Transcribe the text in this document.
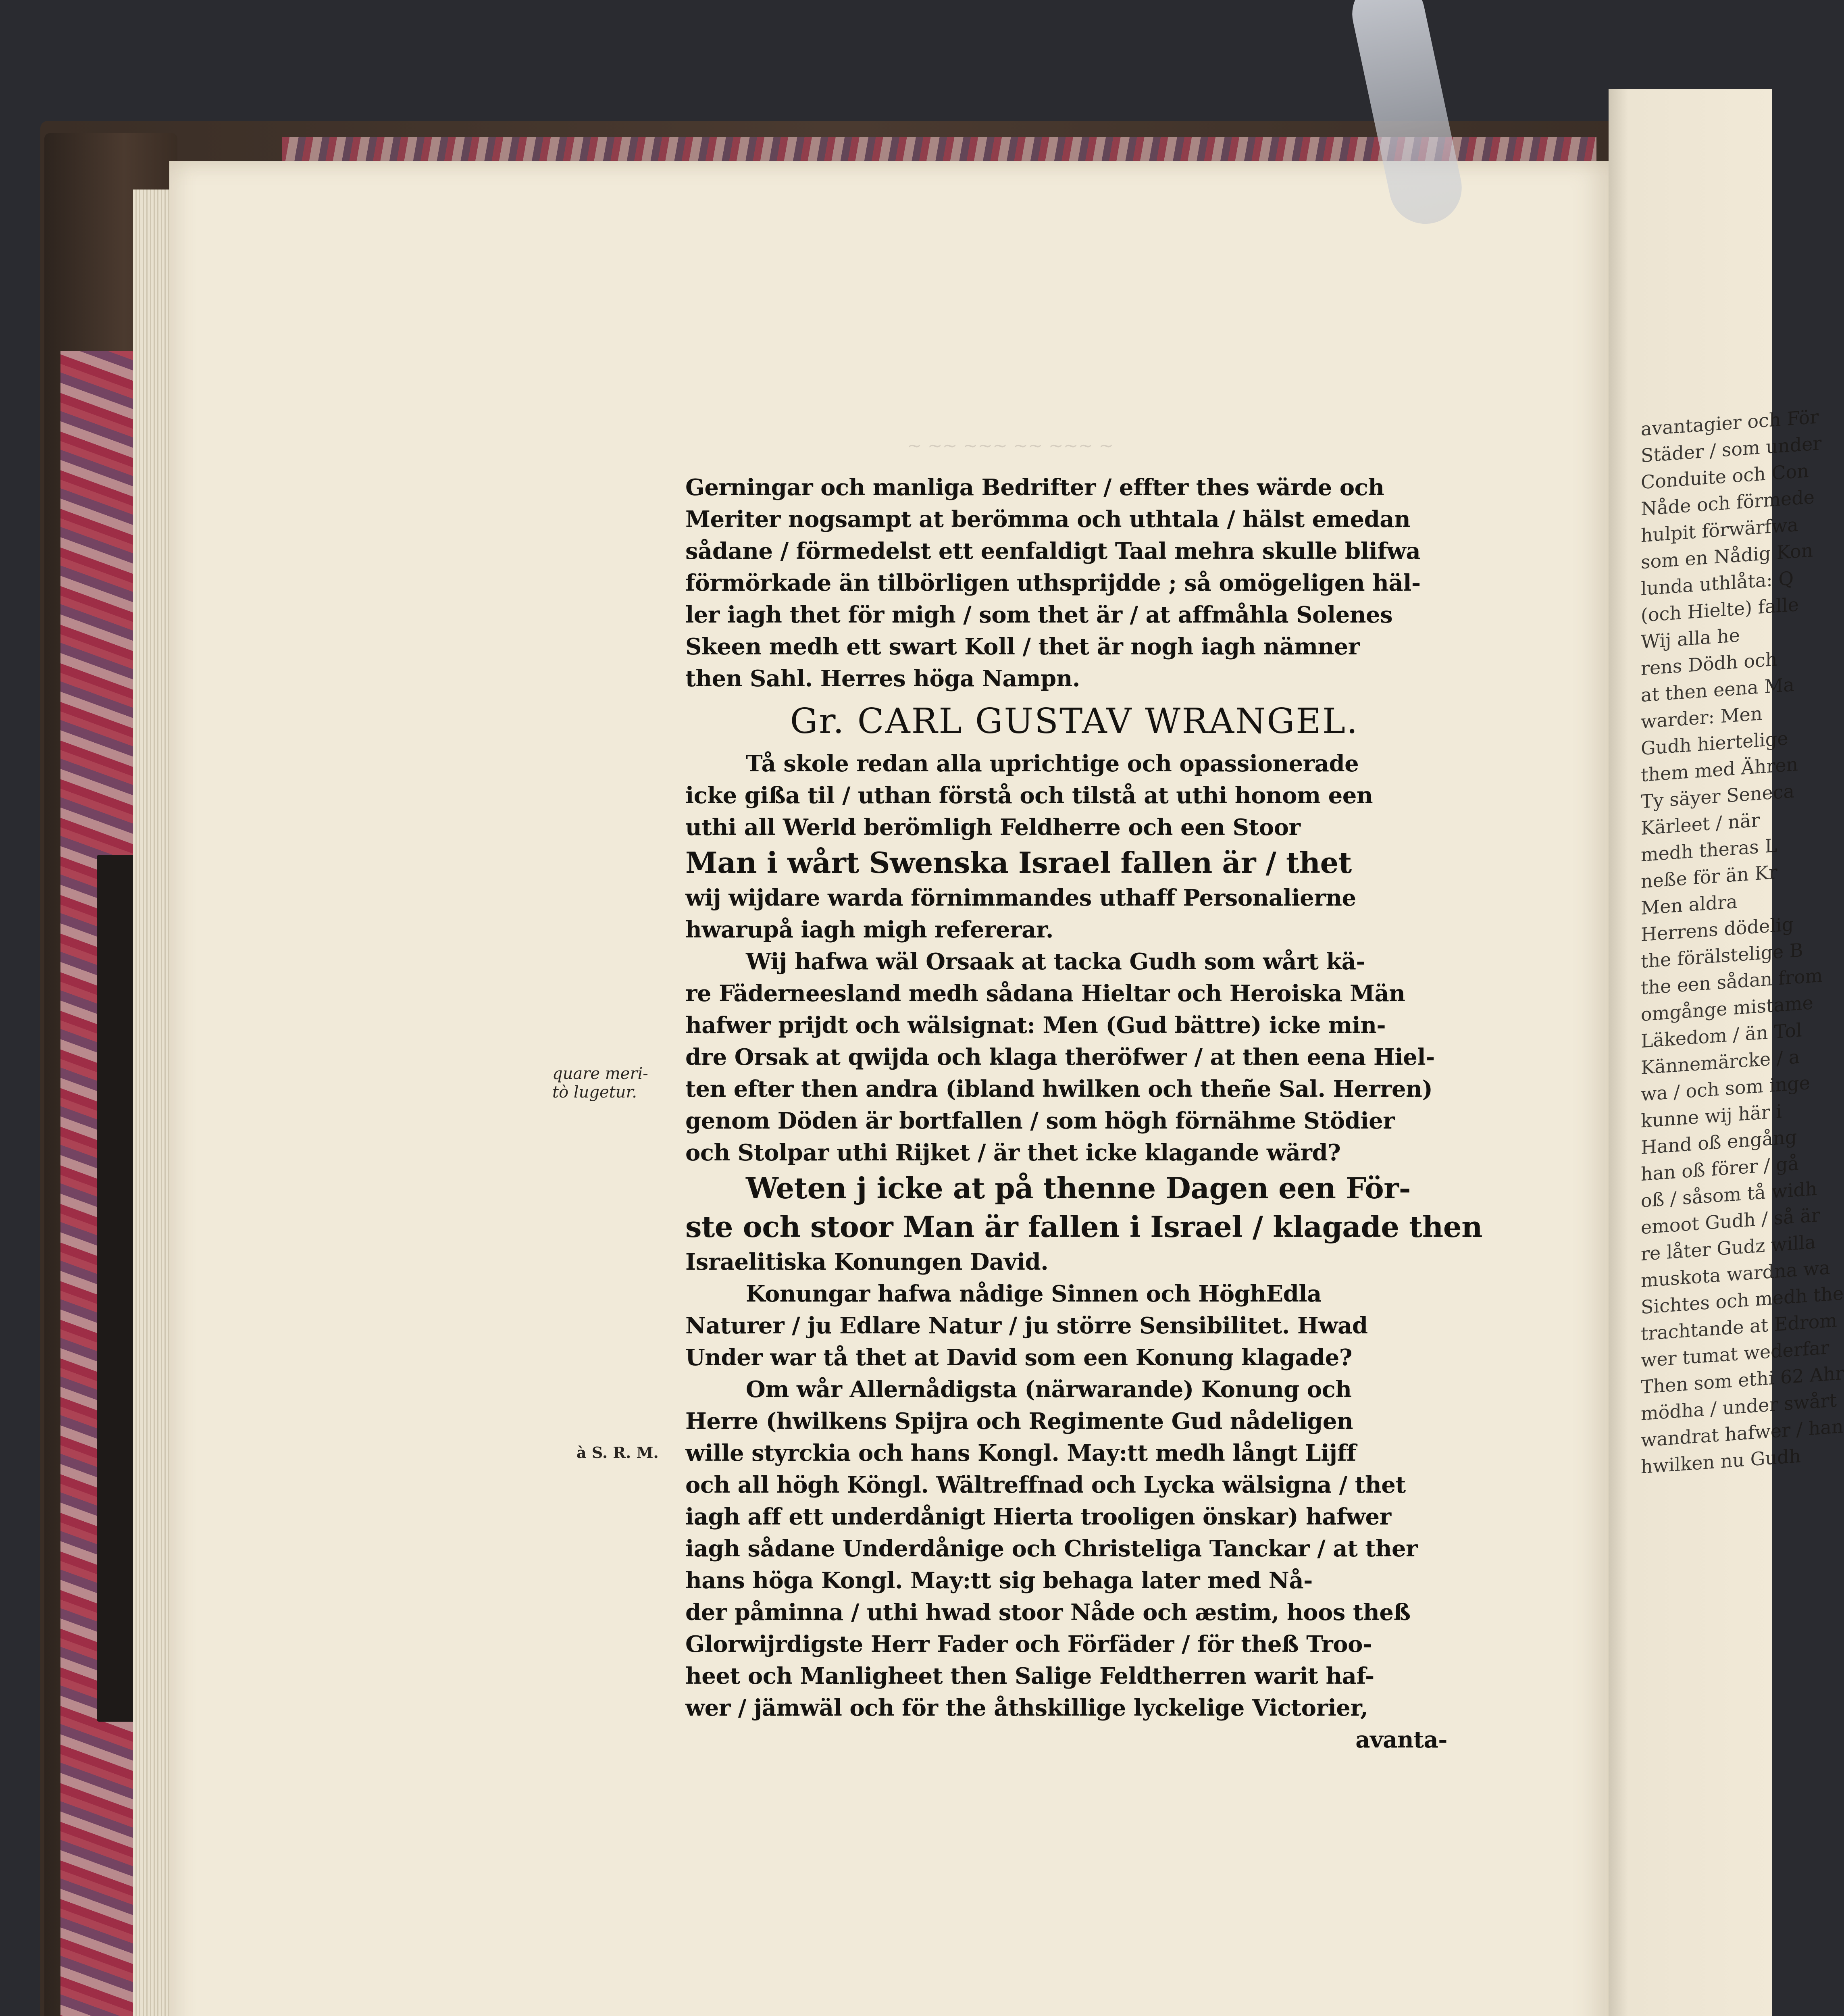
~ ~~ ~~~ ~~ ~~~ ~
quare meri-
tò lugetur.
à S. R. M.
Gerningar och manliga Bedrifter / effter thes wärde och
Meriter nogsampt at berömma och uthtala / hälst emedan
sådane / förmedelst ett eenfaldigt Taal mehra skulle blifwa
förmörkade än tilbörligen uthsprijdde ; så omögeligen häl-
ler iagh thet för migh / som thet är / at affmåhla Solenes
Skeen medh ett swart Koll / thet är nogh iagh nämner
then Sahl. Herres höga Nampn.
Gr. CARL GUSTAV WRANGEL.
Tå skole redan alla uprichtige och opassionerade
icke gißa til / uthan förstå och tilstå at uthi honom een
uthi all Werld berömligh Feldherre och een Stoor
Man i wårt Swenska Israel fallen är / thet
wij wijdare warda förnimmandes uthaff Personalierne
hwarupå iagh migh refererar.
Wij hafwa wäl Orsaak at tacka Gudh som wårt kä-
re Fäderneesland medh sådana Hieltar och Heroiska Män
hafwer prijdt och wälsignat: Men (Gud bättre) icke min-
dre Orsak at qwijda och klaga theröfwer / at then eena Hiel-
ten efter then andra (ibland hwilken och theñe Sal. Herren)
genom Döden är bortfallen / som högh förnähme Stödier
och Stolpar uthi Rijket / är thet icke klagande wärd?
Weten j icke at på thenne Dagen een För-
ste och stoor Man är fallen i Israel / klagade then
Israelitiska Konungen David.
Konungar hafwa nådige Sinnen och HöghEdla
Naturer / ju Edlare Natur / ju större Sensibilitet. Hwad
Under war tå thet at David som een Konung klagade?
Om wår Allernådigsta (närwarande) Konung och
Herre (hwilkens Spijra och Regimente Gud nådeligen
wille styrckia och hans Kongl. May:tt medh långt Lijff
och all högh Köngl. Wältreffnad och Lycka wälsigna / thet
iagh aff ett underdånigt Hierta trooligen önskar) hafwer
iagh sådane Underdånige och Christeliga Tanckar / at ther
hans höga Kongl. May:tt sig behaga later med Nå-
der påminna / uthi hwad stoor Nåde och æstim, hoos theß
Glorwijrdigste Herr Fader och Förfäder / för theß Troo-
heet och Manligheet then Salige Feldtherren warit haf-
wer / jämwäl och för the åthskillige lyckelige Victorier,
avanta-
avantagier och För
Städer / som under
Conduite och Con
Nåde och förmede
hulpit förwärfwa
som en Nådig Kon
lunda uthlåta: Q
(och Hielte) falle
Wij alla he
rens Dödh och
at then eena Ma
warder: Men
Gudh hiertelige
them med Ähren
Ty säyer Seneca
Kärleet / när
medh theras L
neße för än Kr
Men aldra
Herrens dödelig
the förälstelige B
the een sådan from
omgånge mistame
Läkedom / än Tol
Kännemärcke / a
wa / och som inge
kunne wij här i
Hand oß engång
han oß förer / gå
oß / såsom tå widh
emoot Gudh / så är
re låter Gudz willa
muskota wardna wa
Sichtes och medh the
trachtande at Edrom
wer tumat wederfar
Then som ethi 62 Ahr
mödha / under swårt
wandrat hafwer / han
hwilken nu Gudh
